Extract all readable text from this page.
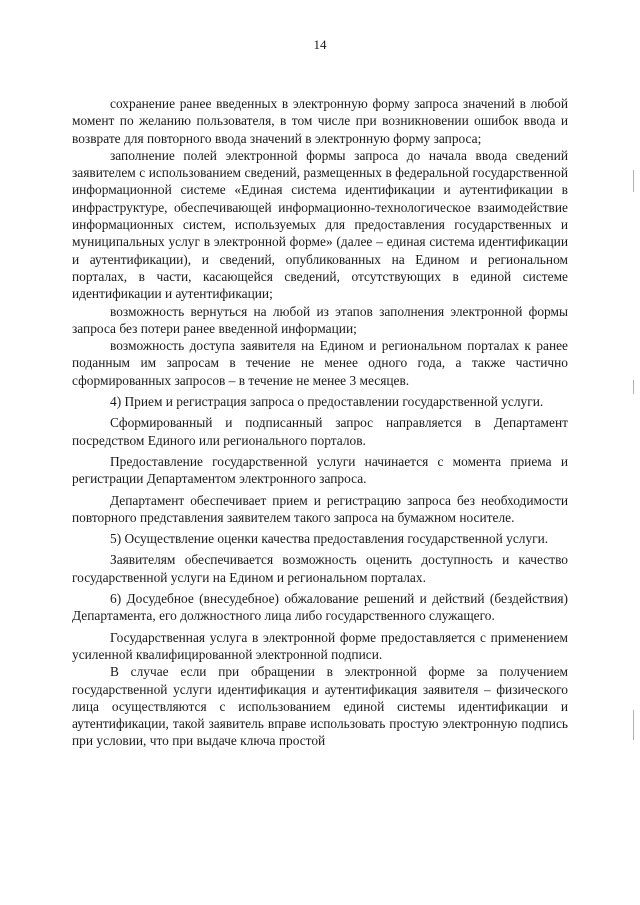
14

сохранение ранее введенных в электронную форму запроса значений в любой момент по желанию пользователя, в том числе при возникновении ошибок ввода и возврате для повторного ввода значений в электронную форму запроса;

заполнение полей электронной формы запроса до начала ввода сведений заявителем с использованием сведений, размещенных в федеральной государственной информационной системе «Единая система идентификации и аутентификации в инфраструктуре, обеспечивающей информационно-технологическое взаимодействие информационных систем, используемых для предоставления государственных и муниципальных услуг в электронной форме» (далее – единая система идентификации и аутентификации), и сведений, опубликованных на Едином и региональном порталах, в части, касающейся сведений, отсутствующих в единой системе идентификации и аутентификации;

возможность вернуться на любой из этапов заполнения электронной формы запроса без потери ранее введенной информации;

возможность доступа заявителя на Едином и региональном порталах к ранее поданным им запросам в течение не менее одного года, а также частично сформированных запросов – в течение не менее 3 месяцев.

4) Прием и регистрация запроса о предоставлении государственной услуги.

Сформированный и подписанный запрос направляется в Департамент посредством Единого или регионального порталов.

Предоставление государственной услуги начинается с момента приема и регистрации Департаментом электронного запроса.

Департамент обеспечивает прием и регистрацию запроса без необходимости повторного представления заявителем такого запроса на бумажном носителе.

5) Осуществление оценки качества предоставления государственной услуги.

Заявителям обеспечивается возможность оценить доступность и качество государственной услуги на Едином и региональном порталах.

6) Досудебное (внесудебное) обжалование решений и действий (бездействия) Департамента, его должностного лица либо государственного служащего.

Государственная услуга в электронной форме предоставляется с применением усиленной квалифицированной электронной подписи.

В случае если при обращении в электронной форме за получением государственной услуги идентификация и аутентификация заявителя – физического лица осуществляются с использованием единой системы идентификации и аутентификации, такой заявитель вправе использовать простую электронную подпись при условии, что при выдаче ключа простой
